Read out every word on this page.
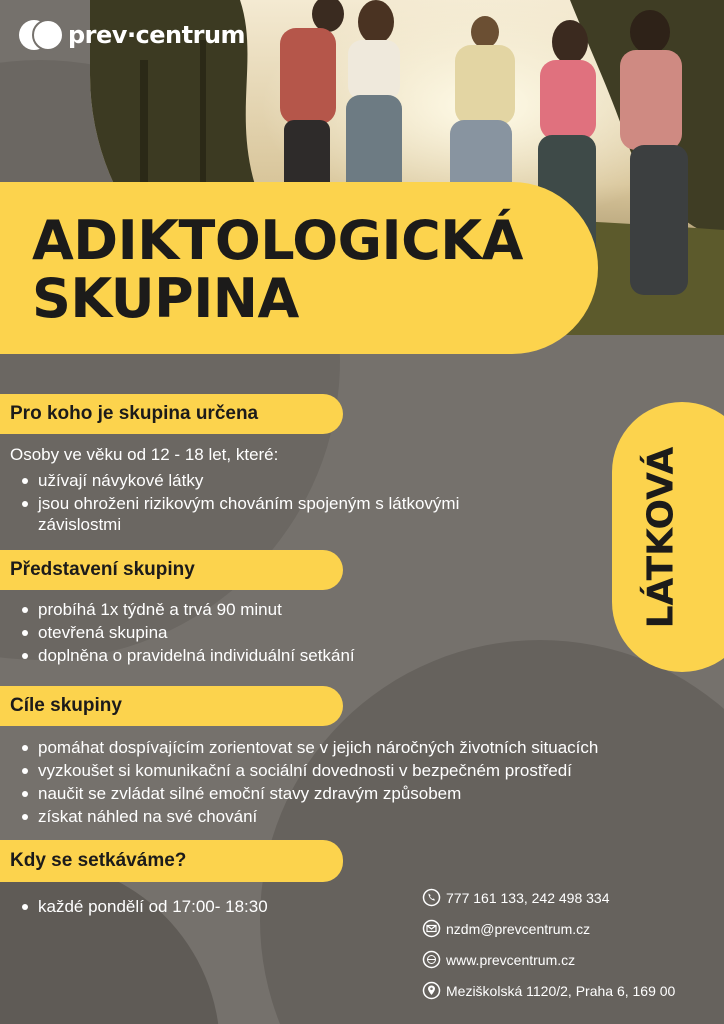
prev·centrum
ADIKTOLOGICKÁ
SKUPINA
LÁTKOVÁ
Pro koho je skupina určena
Osoby ve věku od 12 - 18 let, které:
užívají návykové látky
jsou ohroženi rizikovým chováním spojeným s látkovými
závislostmi
Představení skupiny
probíhá 1x týdně a trvá 90 minut
otevřená skupina
doplněna o pravidelná individuální setkání
Cíle skupiny
pomáhat dospívajícím zorientovat se v jejich náročných životních situacích
vyzkoušet si komunikační a sociální dovednosti v bezpečném prostředí
naučit se zvládat silné emoční stavy zdravým způsobem
získat náhled na své chování
Kdy se setkáváme?
každé pondělí od 17:00- 18:30	777 161 133, 242 498 334
nzdm@prevcentrum.cz
www.prevcentrum.cz
Meziškolská 1120/2, Praha 6, 169 00
